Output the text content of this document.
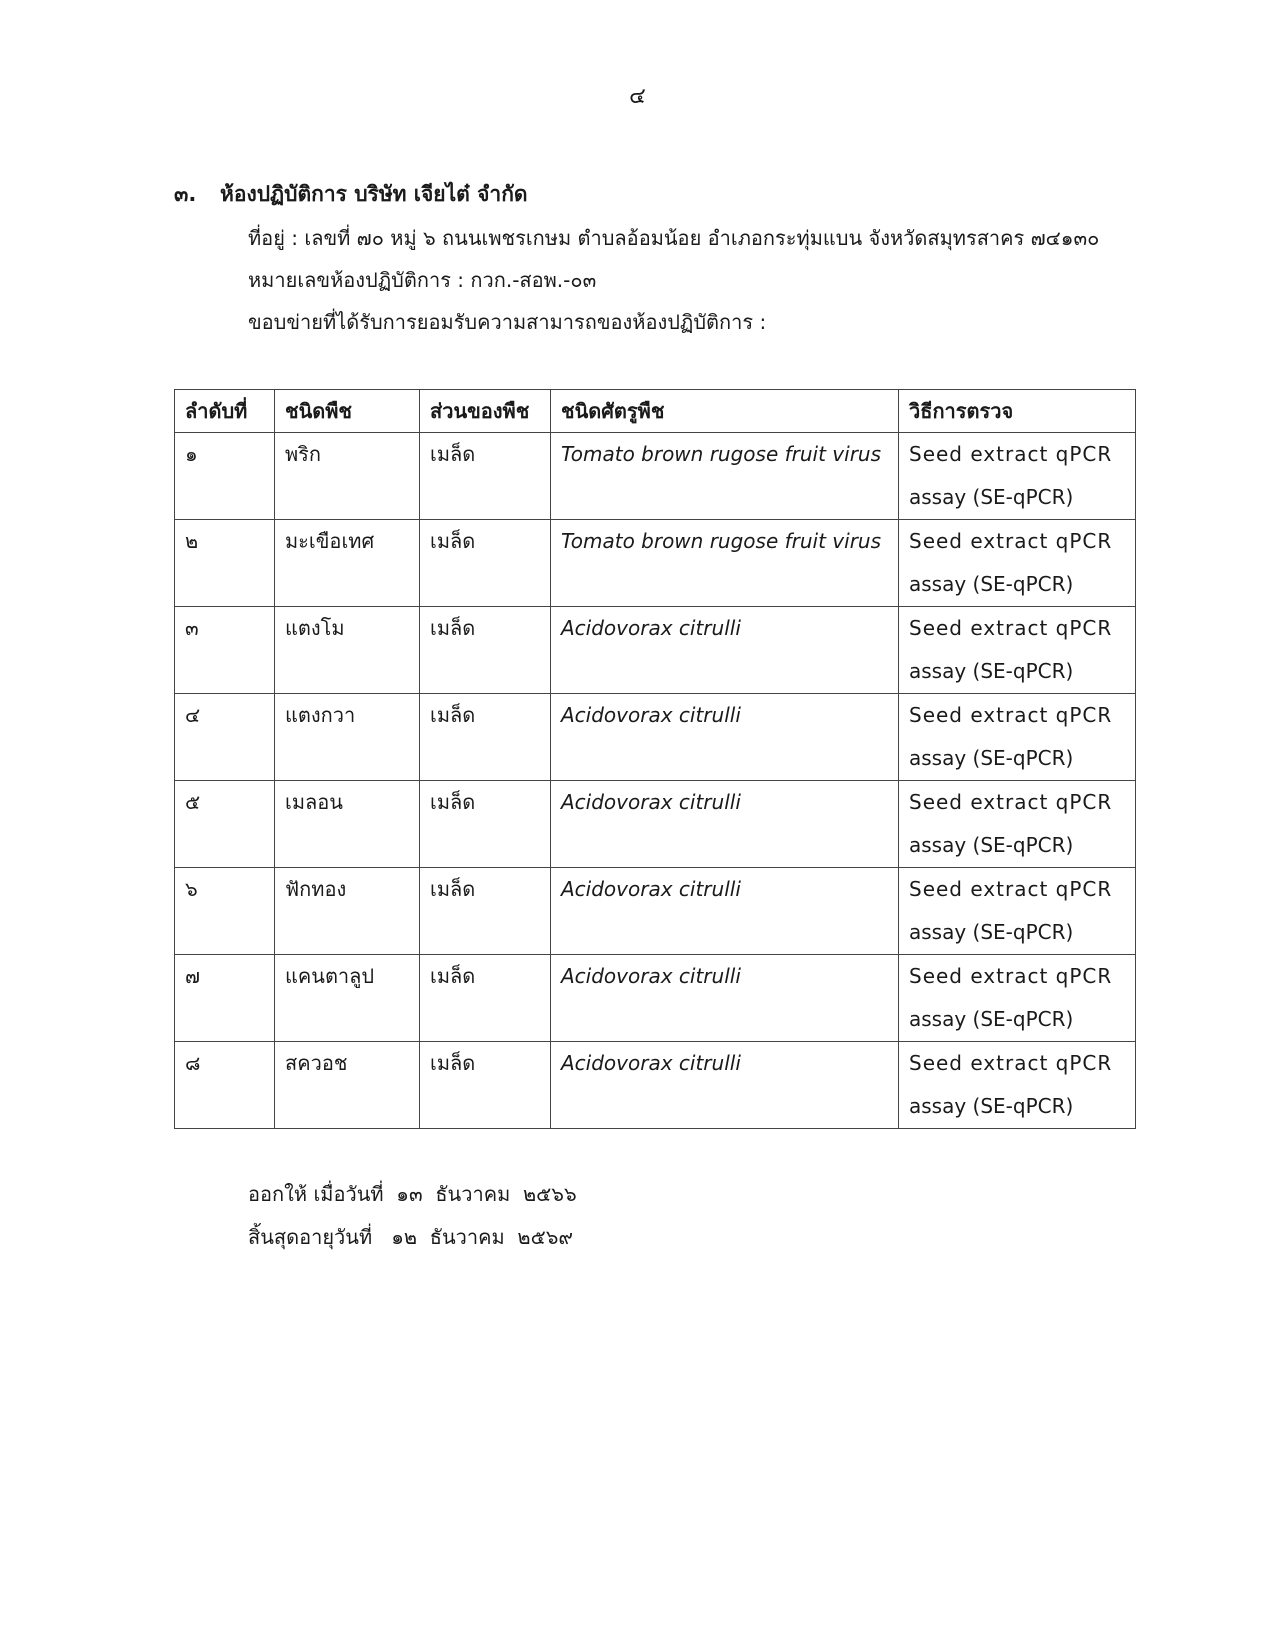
๔
๓. ห้องปฏิบัติการ บริษัท เจียไต๋ จำกัด
ที่อยู่ : เลขที่ ๗๐ หมู่ ๖ ถนนเพชรเกษม ตำบลอ้อมน้อย อำเภอกระทุ่มแบน จังหวัดสมุทรสาคร ๗๔๑๓๐
หมายเลขห้องปฏิบัติการ : กวก.-สอพ.-๐๓
ขอบข่ายที่ได้รับการยอมรับความสามารถของห้องปฏิบัติการ :
ลำดับที่	ชนิดพืช	ส่วนของพืช	ชนิดศัตรูพืช	วิธีการตรวจ
๑	พริก	เมล็ด	Tomato brown rugose fruit virus	Seed extract qPCR
assay (SE-qPCR)

๒	มะเขือเทศ	เมล็ด	Tomato brown rugose fruit virus	Seed extract qPCR
assay (SE-qPCR)

๓	แตงโม	เมล็ด	Acidovorax citrulli	Seed extract qPCR
assay (SE-qPCR)

๔	แตงกวา	เมล็ด	Acidovorax citrulli	Seed extract qPCR
assay (SE-qPCR)

๕	เมลอน	เมล็ด	Acidovorax citrulli	Seed extract qPCR
assay (SE-qPCR)

๖	ฟักทอง	เมล็ด	Acidovorax citrulli	Seed extract qPCR
assay (SE-qPCR)

๗	แคนตาลูป	เมล็ด	Acidovorax citrulli	Seed extract qPCR
assay (SE-qPCR)

๘	สควอช	เมล็ด	Acidovorax citrulli	Seed extract qPCR
assay (SE-qPCR)
ออกให้ เมื่อวันที่  ๑๓  ธันวาคม  ๒๕๖๖
สิ้นสุดอายุวันที่   ๑๒  ธันวาคม  ๒๕๖๙
